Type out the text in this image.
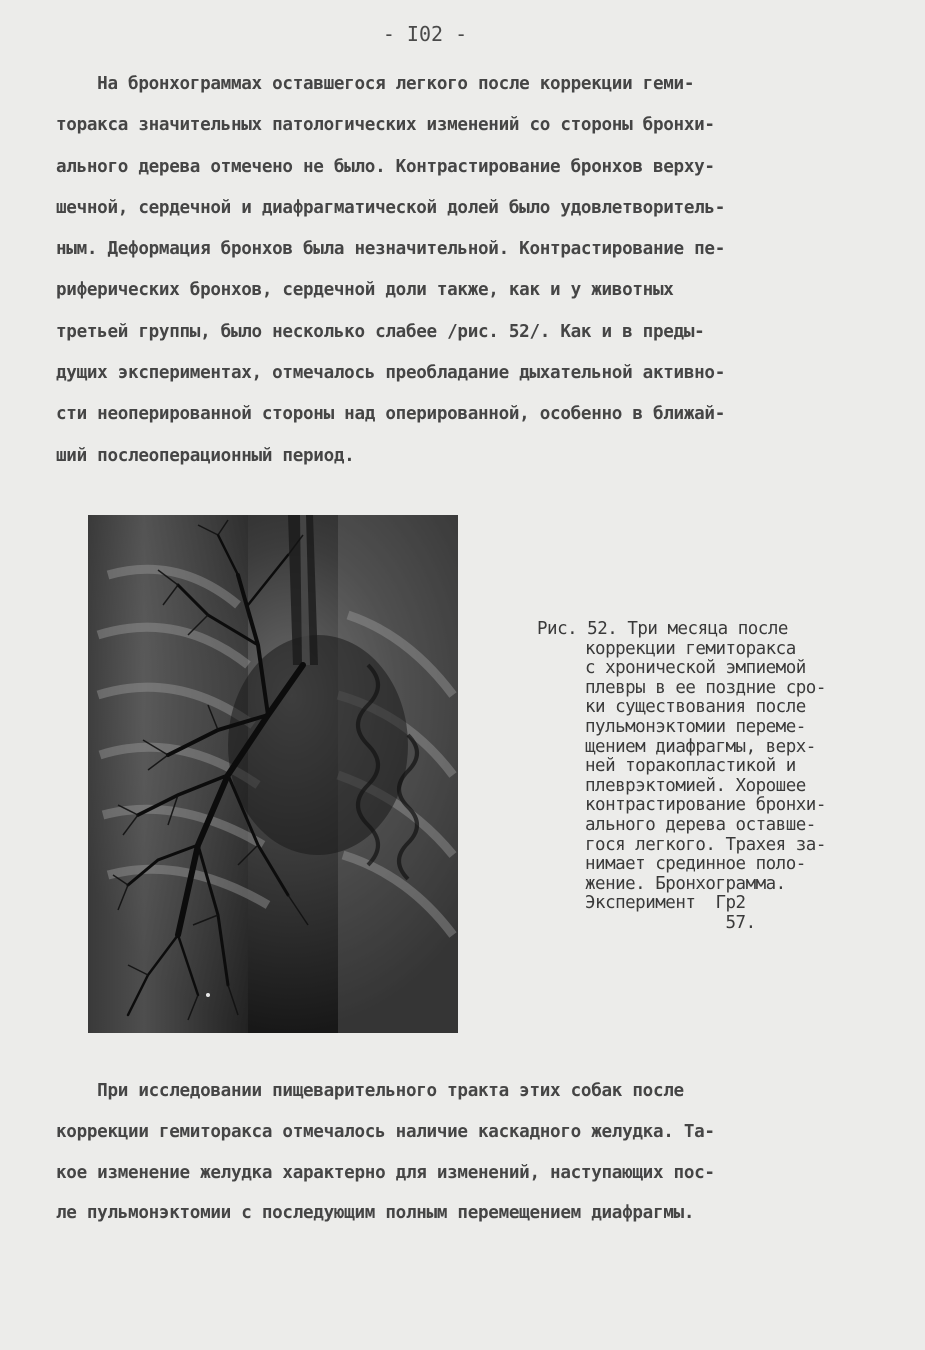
- I02 -
На бронхограммах оставшегося легкого после коррекции геми-
торакса значительных патологических изменений со стороны бронхи-
ального дерева отмечено не было. Контрастирование бронхов верху-
шечной, сердечной и диафрагматической долей было удовлетворитель-
ным. Деформация бронхов была незначительной. Контрастирование пе-
риферических бронхов, сердечной доли также, как и у животных
третьей группы, было несколько слабее /рис. 52/. Как и в преды-
дущих экспериментах, отмечалось преобладание дыхательной активно-
сти неоперированной стороны над оперированной, особенно в ближай-
ший послеоперационный период.
Рис. 52. Три месяца после
коррекции гемиторакса
с хронической эмпиемой
плевры в ее поздние сро-
ки существования после
пульмонэктомии переме-
щением диафрагмы, верх-
ней торакопластикой и
плеврэктомией. Хорошее
контрастирование бронхи-
ального дерева оставше-
гося легкого. Трахея за-
нимает срединное поло-
жение. Бронхограмма.
Эксперимент  Гр2
57.
При исследовании пищеварительного тракта этих собак после
коррекции гемиторакса отмечалось наличие каскадного желудка. Та-
кое изменение желудка характерно для изменений, наступающих пос-
ле пульмонэктомии с последующим полным перемещением диафрагмы.
